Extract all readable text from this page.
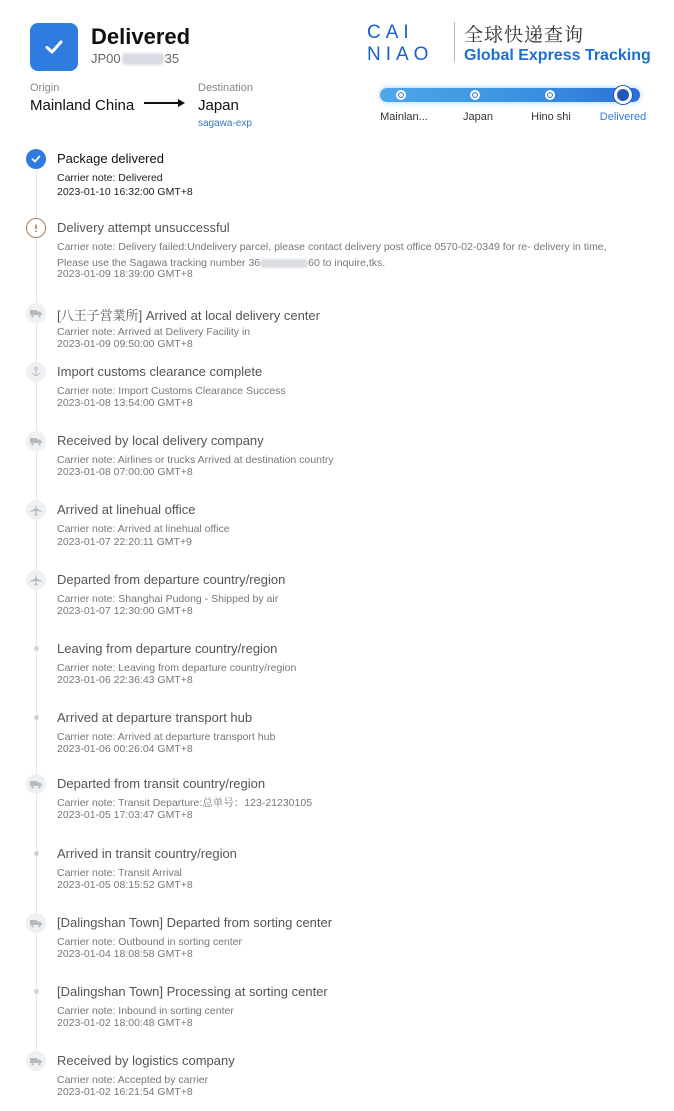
Delivered
JP00	35
CAI
NIAO
全球快递查询
Global Express Tracking
Origin
Mainland China
Destination
Japan
sagawa-exp
Mainlan...	Japan	Hino shi	Delivered
Package delivered
Carrier note: Delivered
2023-01-10 16:32:00 GMT+8
Delivery attempt unsuccessful
Carrier note: Delivery failed:Undelivery parcel, please contact delivery post office 0570-02-0349 for re- delivery in time,
Please use the Sagawa tracking number 36	60 to inquire,tks.
2023-01-09 18:39:00 GMT+8
[八王子営業所] Arrived at local delivery center
Carrier note: Arrived at Delivery Facility in
2023-01-09 09:50:00 GMT+8
Import customs clearance complete
Carrier note: Import Customs Clearance Success
2023-01-08 13:54:00 GMT+8
Received by local delivery company
Carrier note: Airlines or trucks Arrived at destination country
2023-01-08 07:00:00 GMT+8
Arrived at linehual office
Carrier note: Arrived at linehual office
2023-01-07 22:20:11 GMT+9
Departed from departure country/region
Carrier note: Shanghai Pudong - Shipped by air
2023-01-07 12:30:00 GMT+8
Leaving from departure country/region
Carrier note: Leaving from departure country/region
2023-01-06 22:36:43 GMT+8
Arrived at departure transport hub
Carrier note: Arrived at departure transport hub
2023-01-06 00:26:04 GMT+8
Departed from transit country/region
Carrier note: Transit Departure:总单号：123-21230105
2023-01-05 17:03:47 GMT+8
Arrived in transit country/region
Carrier note: Transit Arrival
2023-01-05 08:15:52 GMT+8
[Dalingshan Town] Departed from sorting center
Carrier note: Outbound in sorting center
2023-01-04 18:08:58 GMT+8
[Dalingshan Town] Processing at sorting center
Carrier note: Inbound in sorting center
2023-01-02 18:00:48 GMT+8
Received by logistics company
Carrier note: Accepted by carrier
2023-01-02 16:21:54 GMT+8
